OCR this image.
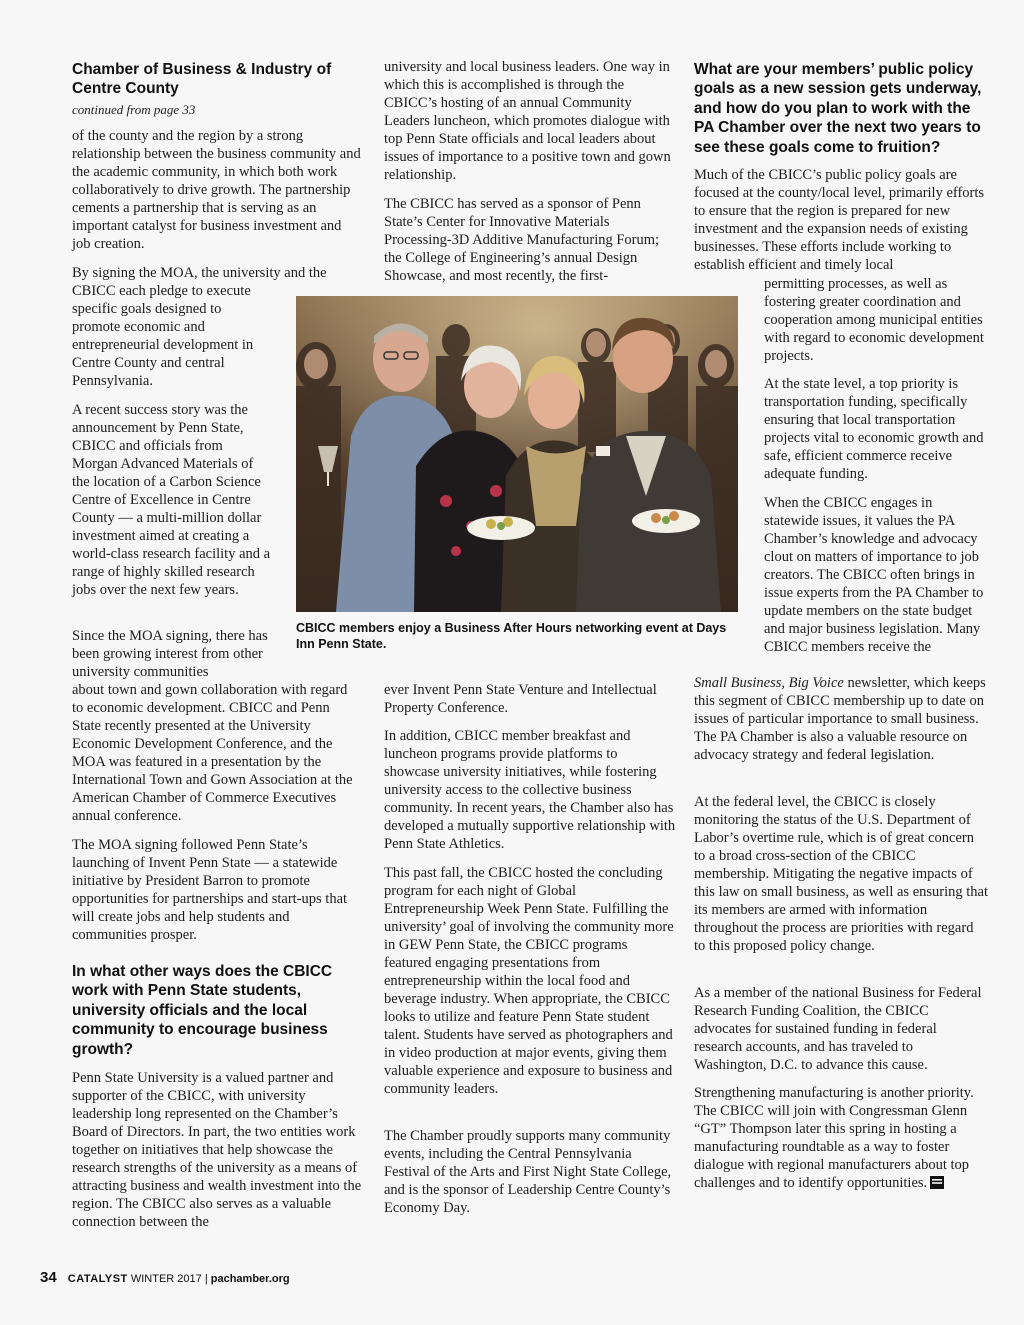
Chamber of Business & Industry of Centre County

continued from page 33

of the county and the region by a strong relationship between the business community and the academic community, in which both work collaboratively to drive growth. The partnership cements a partnership that is serving as an important catalyst for business investment and job creation.

By signing the MOA, the university and the

CBICC each pledge to execute specific goals designed to promote economic and entrepreneurial development in Centre County and central Pennsylvania.

A recent success story was the announcement by Penn State, CBICC and officials from Morgan Advanced Materials of the location of a Carbon Science Centre of Excellence in Centre County — a multi-million dollar investment aimed at creating a world-class research facility and a range of highly skilled research jobs over the next few years.

Since the MOA signing, there has been growing interest from other university communities

about town and gown collaboration with regard to economic development. CBICC and Penn State recently presented at the University Economic Development Conference, and the MOA was featured in a presentation by the International Town and Gown Association at the American Chamber of Commerce Executives annual conference.

The MOA signing followed Penn State’s launching of Invent Penn State — a statewide initiative by President Barron to promote opportunities for partnerships and start-ups that will create jobs and help students and communities prosper.

In what other ways does the CBICC work with Penn State students, university officials and the local community to encourage business growth?

Penn State University is a valued partner and supporter of the CBICC, with university leadership long represented on the Chamber’s Board of Directors. In part, the two entities work together on initiatives that help showcase the research strengths of the university as a means of attracting business and wealth investment into the region. The CBICC also serves as a valuable connection between the

university and local business leaders. One way in which this is accomplished is through the CBICC’s hosting of an annual Community Leaders luncheon, which promotes dialogue with top Penn State officials and local leaders about issues of importance to a positive town and gown relationship.

The CBICC has served as a sponsor of Penn State’s Center for Innovative Materials Processing-3D Additive Manufacturing Forum; the College of Engineering’s annual Design Showcase, and most recently, the first-

ever Invent Penn State Venture and Intellectual Property Conference.

In addition, CBICC member breakfast and luncheon programs provide platforms to showcase university initiatives, while fostering university access to the collective business community. In recent years, the Chamber also has developed a mutually supportive relationship with Penn State Athletics.

This past fall, the CBICC hosted the concluding program for each night of Global Entrepreneurship Week Penn State. Fulfilling the university’ goal of involving the community more in GEW Penn State, the CBICC programs featured engaging presentations from entrepreneurship within the local food and beverage industry. When appropriate, the CBICC looks to utilize and feature Penn State student talent. Students have served as photographers and in video production at major events, giving them valuable experience and exposure to business and community leaders.

The Chamber proudly supports many community events, including the Central Pennsylvania Festival of the Arts and First Night State College, and is the sponsor of Leadership Centre County’s Economy Day.

What are your members’ public policy goals as a new session gets underway, and how do you plan to work with the PA Chamber over the next two years to see these goals come to fruition?

Much of the CBICC’s public policy goals are focused at the county/local level, primarily efforts to ensure that the region is prepared for new investment and the expansion needs of existing businesses. These efforts include working to establish efficient and timely local

permitting processes, as well as fostering greater coordination and cooperation among municipal entities with regard to economic development projects.

At the state level, a top priority is transportation funding, specifically ensuring that local transportation projects vital to economic growth and safe, efficient commerce receive adequate funding.

When the CBICC engages in statewide issues, it values the PA Chamber’s knowledge and advocacy clout on matters of importance to job creators. The CBICC often brings in issue experts from the PA Chamber to update members on the state budget and major business legislation. Many CBICC members receive the

Small Business, Big Voice newsletter, which keeps this segment of CBICC membership up to date on issues of particular importance to small business. The PA Chamber is also a valuable resource on advocacy strategy and federal legislation.

At the federal level, the CBICC is closely monitoring the status of the U.S. Department of Labor’s overtime rule, which is of great concern to a broad cross-section of the CBICC membership. Mitigating the negative impacts of this law on small business, as well as ensuring that its members are armed with information throughout the process are priorities with regard to this proposed policy change.

As a member of the national Business for Federal Research Funding Coalition, the CBICC advocates for sustained funding in federal research accounts, and has traveled to Washington, D.C. to advance this cause.

Strengthening manufacturing is another priority. The CBICC will join with Congressman Glenn “GT” Thompson later this spring in hosting a manufacturing roundtable as a way to foster dialogue with regional manufacturers about top challenges and to identify opportunities.

CBICC members enjoy a Business After Hours networking event at Days Inn Penn State.
34 CATALYST WINTER 2017 | pachamber.org
